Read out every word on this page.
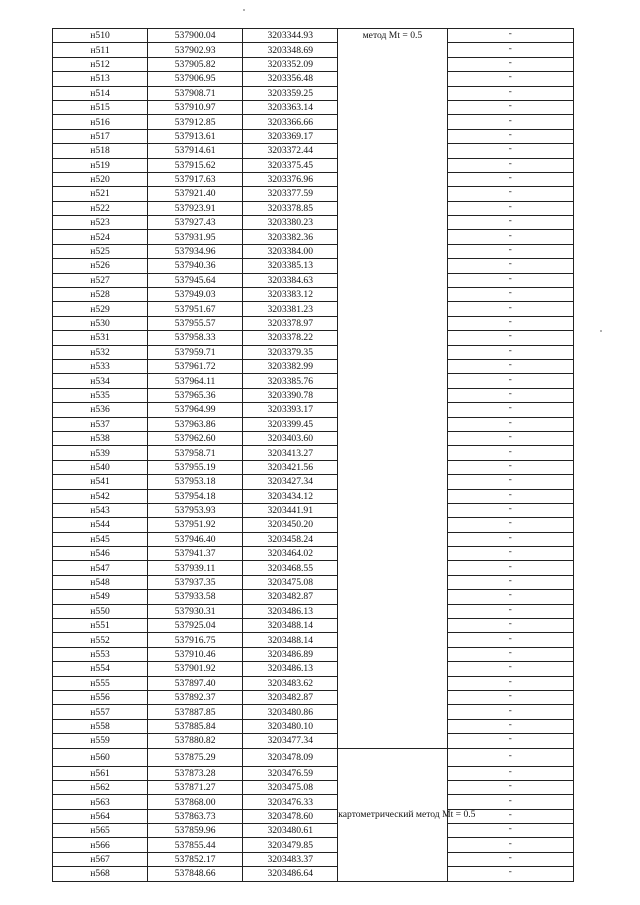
н510	537900.04	3203344.93	метод Mt = 0.5	-
н511	537902.93	3203348.69		-
н512	537905.82	3203352.09		-
н513	537906.95	3203356.48		-
н514	537908.71	3203359.25		-
н515	537910.97	3203363.14		-
н516	537912.85	3203366.66		-
н517	537913.61	3203369.17		-
н518	537914.61	3203372.44		-
н519	537915.62	3203375.45		-
н520	537917.63	3203376.96		-
н521	537921.40	3203377.59		-
н522	537923.91	3203378.85		-
н523	537927.43	3203380.23		-
н524	537931.95	3203382.36		-
н525	537934.96	3203384.00		-
н526	537940.36	3203385.13		-
н527	537945.64	3203384.63		-
н528	537949.03	3203383.12		-
н529	537951.67	3203381.23		-
н530	537955.57	3203378.97		-
н531	537958.33	3203378.22		-
н532	537959.71	3203379.35		-
н533	537961.72	3203382.99		-
н534	537964.11	3203385.76		-
н535	537965.36	3203390.78		-
н536	537964.99	3203393.17		-
н537	537963.86	3203399.45		-
н538	537962.60	3203403.60		-
н539	537958.71	3203413.27		-
н540	537955.19	3203421.56		-
н541	537953.18	3203427.34		-
н542	537954.18	3203434.12		-
н543	537953.93	3203441.91		-
н544	537951.92	3203450.20		-
н545	537946.40	3203458.24		-
н546	537941.37	3203464.02		-
н547	537939.11	3203468.55		-
н548	537937.35	3203475.08		-
н549	537933.58	3203482.87		-
н550	537930.31	3203486.13		-
н551	537925.04	3203488.14		-
н552	537916.75	3203488.14		-
н553	537910.46	3203486.89		-
н554	537901.92	3203486.13		-
н555	537897.40	3203483.62		-
н556	537892.37	3203482.87		-
н557	537887.85	3203480.86		-
н558	537885.84	3203480.10		-
н559	537880.82	3203477.34		-
н560	537875.29	3203478.09	картометрический метод Mt = 0.5	-
н561	537873.28	3203476.59		-
н562	537871.27	3203475.08		-
н563	537868.00	3203476.33		-
н564	537863.73	3203478.60		-
н565	537859.96	3203480.61		-
н566	537855.44	3203479.85		-
н567	537852.17	3203483.37		-
н568	537848.66	3203486.64		-
